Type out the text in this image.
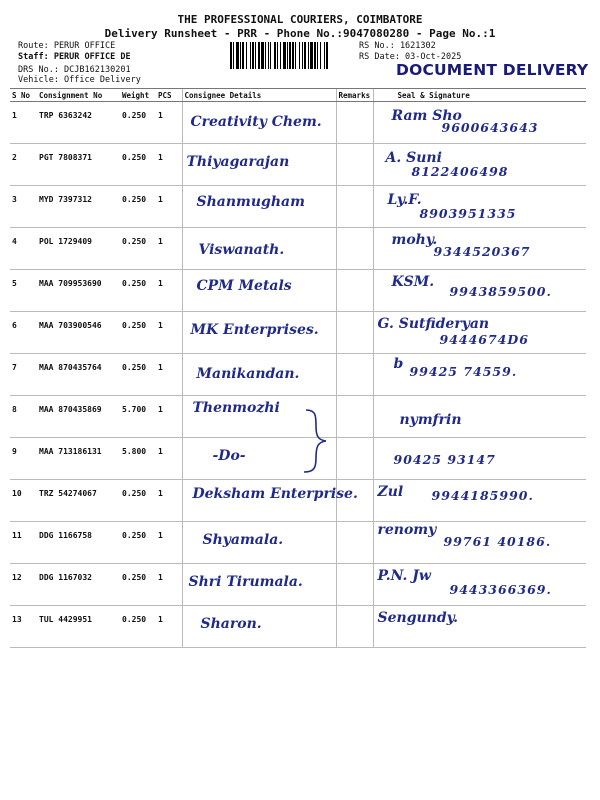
THE PROFESSIONAL COURIERS, COIMBATORE
Delivery Runsheet - PRR - Phone No.:9047080280 - Page No.:1
Route: PERUR OFFICE
Staff: PERUR OFFICE DE
DRS No.: DCJB162130201
Vehicle: Office Delivery
RS No.: 1621302
RS Date: 03-Oct-2025
DOCUMENT DELIVERY
S No	Consignment No	Weight	PCS	Consignee Details	Remarks	Seal & Signature
1	TRP 6363242	0.250	1	Creativity Chem.		Ram Sho
9600643643

2	PGT 7808371	0.250	1	Thiyagarajan		A. Suni
8122406498

3	MYD 7397312	0.250	1	Shanmugham		Ly.F.
8903951335

4	POL 1729409	0.250	1	Viswanath.		mohy.
9344520367

5	MAA 709953690	0.250	1	CPM Metals		KSM.
9943859500.

6	MAA 703900546	0.250	1	MK Enterprises.		G. Sutfideryan
9444674D6

7	MAA 870435764	0.250	1	Manikandan.		b 99425 74559.

8	MAA 870435869	5.700	1	Thenmozhi		nymfrin

9	MAA 713186131	5.800	1	-Do-		90425 93147

10	TRZ 54274067	0.250	1	Deksham Enterprise.		Zul 9944185990.

11	DDG 1166758	0.250	1	Shyamala.		renomy
99761 40186.

12	DDG 1167032	0.250	1	Shri Tirumala.		P.N. Jw
9443366369.

13	TUL 4429951	0.250	1	Sharon.		Sengundy.
